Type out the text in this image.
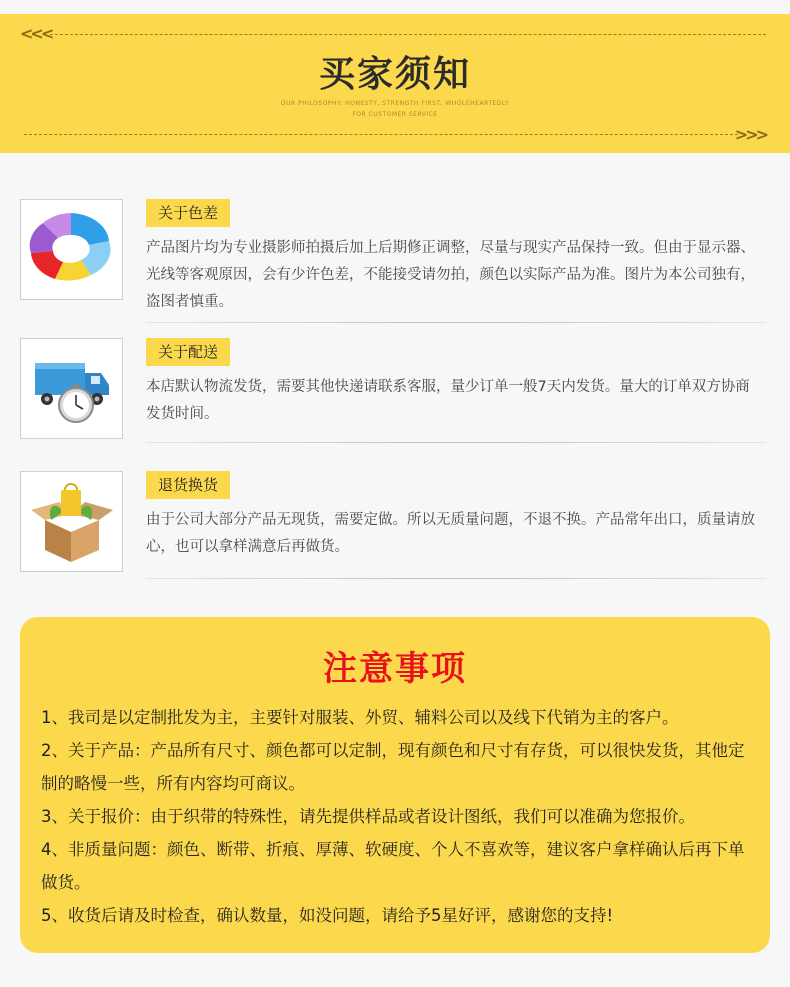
<<<
买家须知
OUR PHILOSOPHY: HONESTY, STRENGTH FIRST, WHOLEHEARTEDLY
FOR CUSTOMER SERVICE
>>>
关于色差
产品图片均为专业摄影师拍摄后加上后期修正调整，尽量与现实产品保持一致。但由于显示器、光线等客观原因，会有少许色差，不能接受请勿拍，颜色以实际产品为准。图片为本公司独有，盗图者慎重。
关于配送
本店默认物流发货，需要其他快递请联系客服，量少订单一般7天内发货。量大的订单双方协商发货时间。
退货换货
由于公司大部分产品无现货，需要定做。所以无质量问题，不退不换。产品常年出口，质量请放心，也可以拿样满意后再做货。
注意事项
1、我司是以定制批发为主，主要针对服装、外贸、辅料公司以及线下代销为主的客户。
2、关于产品：产品所有尺寸、颜色都可以定制，现有颜色和尺寸有存货，可以很快发货，其他定制的略慢一些，所有内容均可商议。
3、关于报价：由于织带的特殊性，请先提供样品或者设计图纸，我们可以准确为您报价。
4、非质量问题：颜色、断带、折痕、厚薄、软硬度、个人不喜欢等，建议客户拿样确认后再下单做货。
5、收货后请及时检查，确认数量，如没问题，请给予5星好评，感谢您的支持!
